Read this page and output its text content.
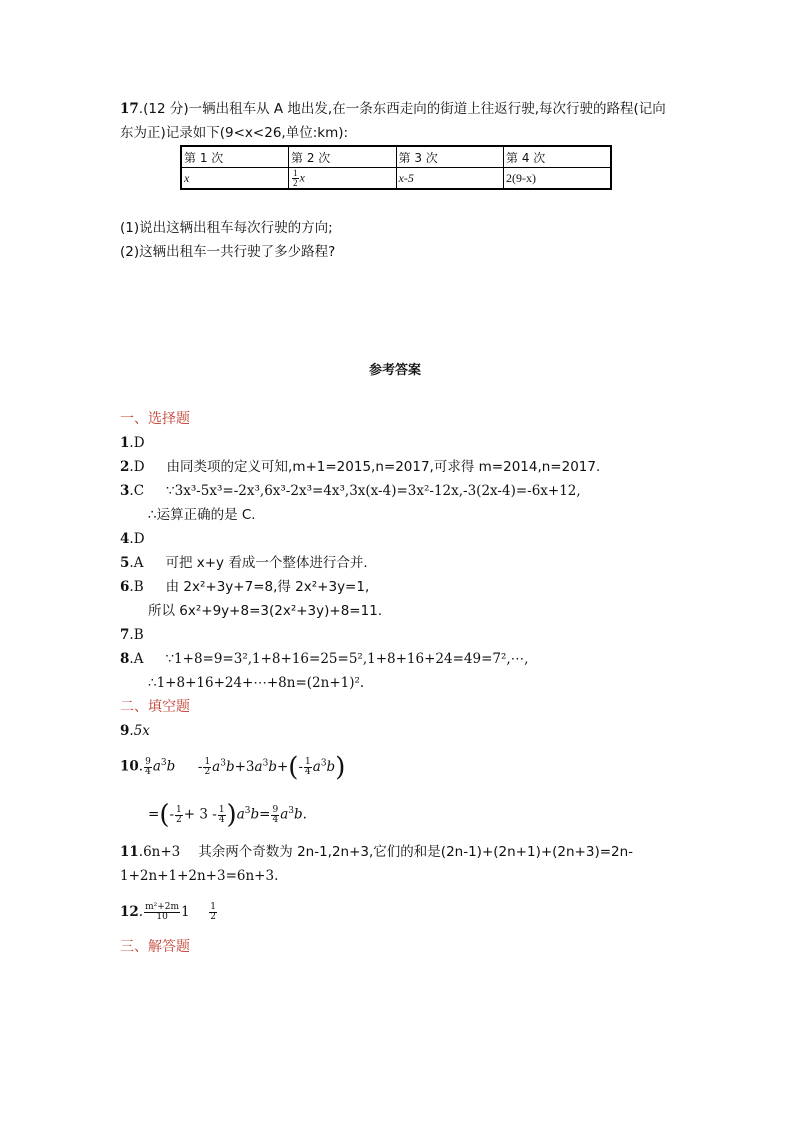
17.(12 分)一辆出租车从 A 地出发,在一条东西走向的街道上往返行驶,每次行驶的路程(记向
东为正)记录如下(9<x<26,单位:km):
第 1 次	第 2 次	第 3 次	第 4 次
x	$\frac{1}{2}$ x	x-5	2(9-x)
(1)说出这辆出租车每次行驶的方向;
(2)这辆出租车一共行驶了多少路程?
参考答案
一、选择题
1.D
2.D 由同类项的定义可知,m+1=2015,n=2017,可求得 m=2014,n=2017.
3.C ∵3x³-5x³=-2x³,6x³-2x³=4x³,3x(x-4)=3x²-12x,-3(2x-4)=-6x+12,
∴运算正确的是 C.
4.D
5.A 可把 x+y 看成一个整体进行合并.
6.B 由 2x²+3y+7=8,得 2x²+3y=1,
所以 6x²+9y+8=3(2x²+3y)+8=11.
7.B
8.A ∵1+8=9=3²,1+8+16=25=5²,1+8+16+24=49=7²,⋯,
∴1+8+16+24+⋯+8n=(2n+1)².
二、填空题
9.5x
10. $\frac{9}{4} a^3b - \frac{1}{2} a^3b+3a^3b+(- \frac{1}{4} a^3b)$
=(- $\frac{1}{2} + 3 - \frac{1}{4} )a^3b= \frac{9}{4} a^3b$.
11.6n+3 其余两个奇数为 2n-1,2n+3,它们的和是(2n-1)+(2n+1)+(2n+3)=2n-
1+2n+1+2n+3=6n+3.
12. $\frac{\text{m²+2m}}{10} 1 \frac{1}{2}$
三、解答题
